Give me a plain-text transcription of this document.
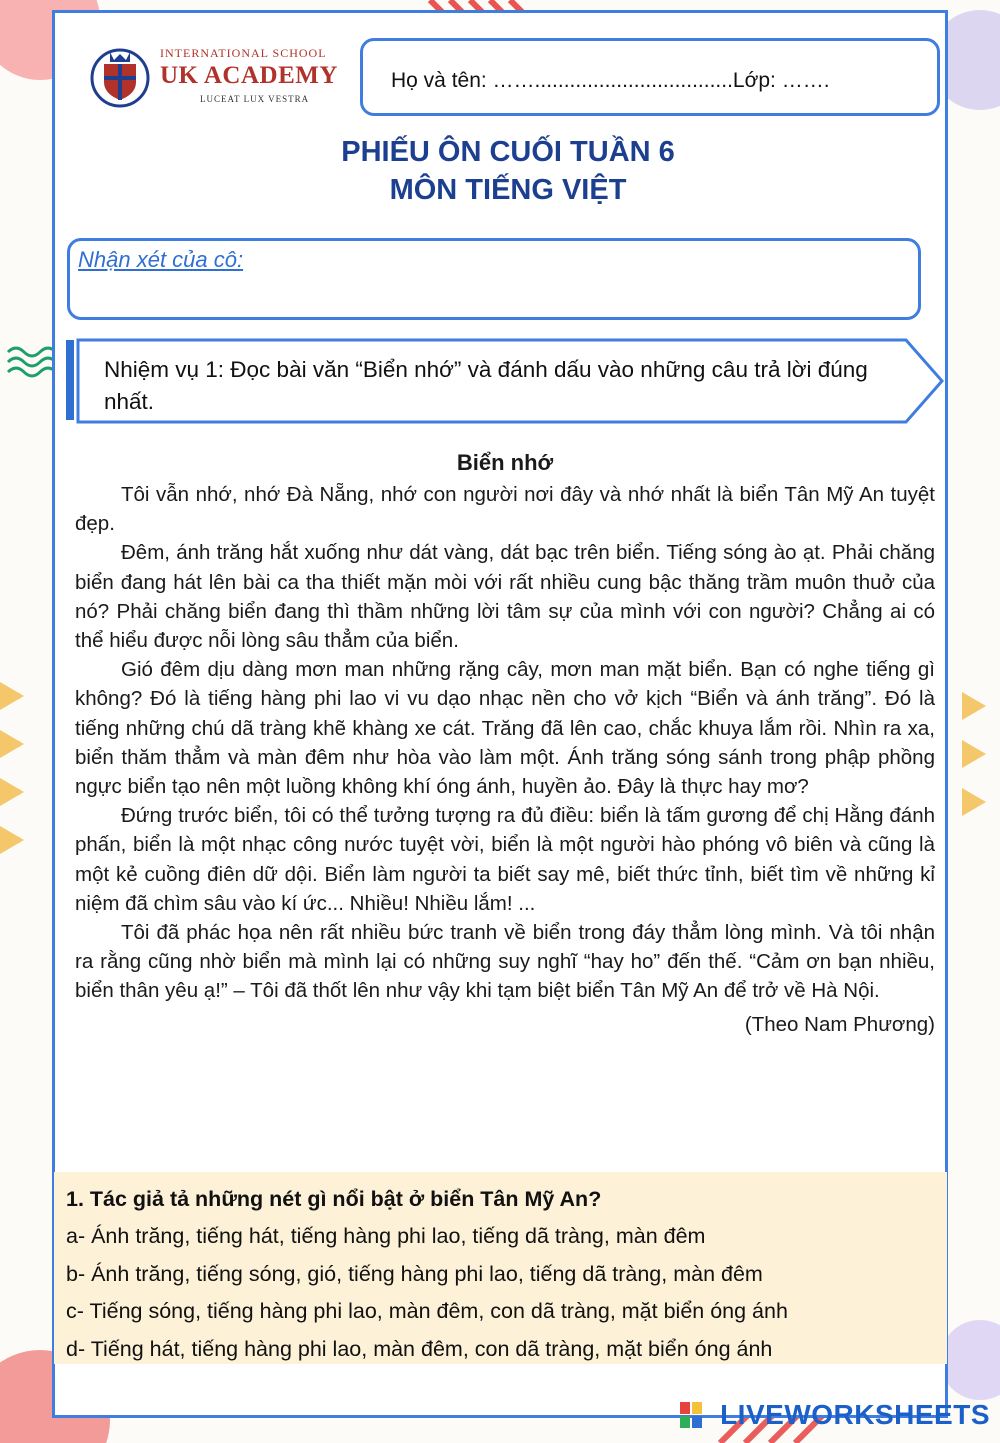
INTERNATIONAL SCHOOL
UK ACADEMY
LUCEAT LUX VESTRA
Họ và tên: ……..................................Lớp: …….
PHIẾU ÔN CUỐI TUẦN 6
MÔN TIẾNG VIỆT
Nhận xét của cô:
Nhiệm vụ 1: Đọc bài văn “Biển nhớ” và đánh dấu vào những câu trả lời đúng nhất.
Biển nhớ

Tôi vẫn nhớ, nhớ Đà Nẵng, nhớ con người nơi đây và nhớ nhất là biển Tân Mỹ An tuyệt đẹp.

Đêm, ánh trăng hắt xuống như dát vàng, dát bạc trên biển. Tiếng sóng ào ạt. Phải chăng biển đang hát lên bài ca tha thiết mặn mòi với rất nhiều cung bậc thăng trầm muôn thuở của nó? Phải chăng biển đang thì thầm những lời tâm sự của mình với con người? Chẳng ai có thể hiểu được nỗi lòng sâu thẳm của biển.

Gió đêm dịu dàng mơn man những rặng cây, mơn man mặt biển. Bạn có nghe tiếng gì không? Đó là tiếng hàng phi lao vi vu dạo nhạc nền cho vở kịch “Biển và ánh trăng”. Đó là tiếng những chú dã tràng khẽ khàng xe cát. Trăng đã lên cao, chắc khuya lắm rồi. Nhìn ra xa, biển thăm thẳm và màn đêm như hòa vào làm một. Ánh trăng sóng sánh trong phập phồng ngực biển tạo nên một luồng không khí óng ánh, huyền ảo. Đây là thực hay mơ?

Đứng trước biển, tôi có thể tưởng tượng ra đủ điều: biển là tấm gương để chị Hằng đánh phấn, biển là một nhạc công nước tuyệt vời, biển là một người hào phóng vô biên và cũng là một kẻ cuồng điên dữ dội. Biển làm người ta biết say mê, biết thức tỉnh, biết tìm về những kỉ niệm đã chìm sâu vào kí ức... Nhiều! Nhiều lắm! ...

Tôi đã phác họa nên rất nhiều bức tranh về biển trong đáy thẳm lòng mình. Và tôi nhận ra rằng cũng nhờ biển mà mình lại có những suy nghĩ “hay ho” đến thế. “Cảm ơn bạn nhiều, biển thân yêu ạ!” – Tôi đã thốt lên như vậy khi tạm biệt biển Tân Mỹ An để trở về Hà Nội.

(Theo Nam Phương)

1. Tác giả tả những nét gì nổi bật ở biển Tân Mỹ An?
a- Ánh trăng, tiếng hát, tiếng hàng phi lao, tiếng dã tràng, màn đêm
b- Ánh trăng, tiếng sóng, gió, tiếng hàng phi lao, tiếng dã tràng, màn đêm
c- Tiếng sóng, tiếng hàng phi lao, màn đêm, con dã tràng, mặt biển óng ánh
d- Tiếng hát, tiếng hàng phi lao, màn đêm, con dã tràng, mặt biển óng ánh
LIVEWORKSHEETS
